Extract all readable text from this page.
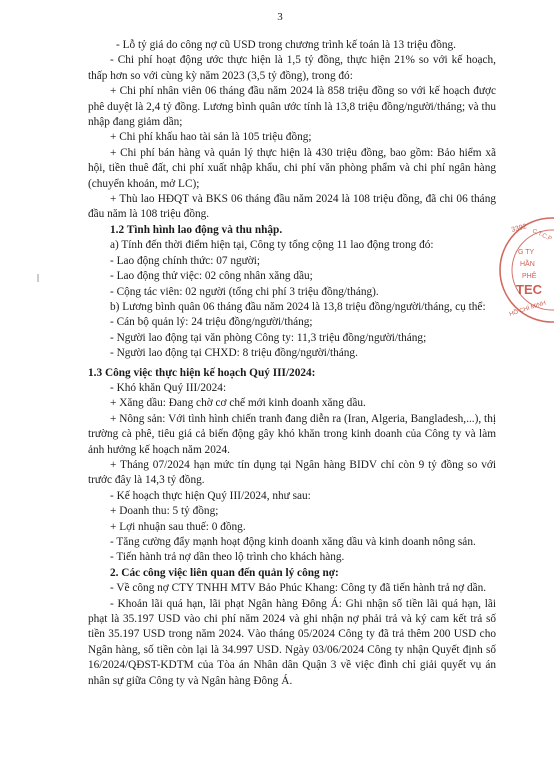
3

- Lỗ tỷ giá do công nợ cũ USD trong chương trình kế toán là 13 triệu đồng.

- Chi phí hoạt động ước thực hiện là 1,5 tỷ đồng, thực hiện 21% so với kế hoạch, thấp hơn so với cùng kỳ năm 2023 (3,5 tỷ đồng), trong đó:

+ Chi phí nhân viên 06 tháng đầu năm 2024 là 858 triệu đồng so với kế hoạch được phê duyệt là 2,4 tỷ đồng. Lương bình quân ước tính là 13,8 triệu đồng/người/tháng; và thu nhập đang giảm dần;

+ Chi phí khấu hao tài sản là 105 triệu đồng;

+ Chi phí bán hàng và quản lý thực hiện là 430 triệu đồng, bao gồm: Bảo hiểm xã hội, tiền thuê đất, chi phí xuất nhập khẩu, chi phí văn phòng phẩm và chi phí ngân hàng (chuyển khoản, mở LC);

+ Thù lao HĐQT và BKS 06 tháng đầu năm 2024 là 108 triệu đồng, đã chi 06 tháng đầu năm là 108 triệu đồng.

1.2 Tình hình lao động và thu nhập.

a) Tính đến thời điểm hiện tại, Công ty tổng cộng 11 lao động trong đó:

- Lao động chính thức: 07 người;

- Lao động thử việc: 02 công nhân xăng dầu;

- Cộng tác viên: 02 người (tổng chi phí 3 triệu đồng/tháng).

b) Lương bình quân 06 tháng đầu năm 2024 là 13,8 triệu đồng/người/tháng, cụ thể:

- Cán bộ quản lý: 24 triệu đồng/người/tháng;

- Người lao động tại văn phòng Công ty: 11,3 triệu đồng/người/tháng;

- Người lao động tại CHXD: 8 triệu đồng/người/tháng.

1.3 Công việc thực hiện kế hoạch Quý III/2024:

- Khó khăn Quý III/2024:

+ Xăng dầu: Đang chờ cơ chế mới kinh doanh xăng dầu.

+ Nông sản: Với tình hình chiến tranh đang diễn ra (Iran, Algeria, Bangladesh,...), thị trường cà phê, tiêu giá cả biến động gây khó khăn trong kinh doanh của Công ty và làm ảnh hưởng kế hoạch năm 2024.

+ Tháng 07/2024 hạn mức tín dụng tại Ngân hàng BIDV chỉ còn 9 tỷ đồng so với trước đây là 14,3 tỷ đồng.

- Kế hoạch thực hiện Quý III/2024, như sau:

+ Doanh thu: 5 tỷ đồng;

+ Lợi nhuận sau thuế: 0 đồng.

- Tăng cường đẩy mạnh hoạt động kinh doanh xăng dầu và kinh doanh nông sản.

- Tiến hành trả nợ dần theo lộ trình cho khách hàng.

2. Các công việc liên quan đến quản lý công nợ:

- Về công nợ CTY TNHH MTV Bảo Phúc Khang: Công ty đã tiến hành trả nợ dần.

- Khoản lãi quá hạn, lãi phạt Ngân hàng Đông Á: Ghi nhận số tiền lãi quá hạn, lãi phạt là 35.197 USD vào chi phí năm 2024 và ghi nhận nợ phải trả và ký cam kết trả số tiền 35.197 USD trong năm 2024. Vào tháng 05/2024 Công ty đã trả thêm 200 USD cho Ngân hàng, số tiền còn lại là 34.997 USD. Ngày 03/06/2024 Công ty nhận Quyết định số 16/2024/QĐST-KDTM của Tòa án Nhân dân Quận 3 về việc đình chỉ giải quyết vụ án nhân sự giữa Công ty và Ngân hàng Đông Á.

3392 C.T.C.P
G TY
HẦN
PHÊ
TEC
HỒ CHÍ MINH
